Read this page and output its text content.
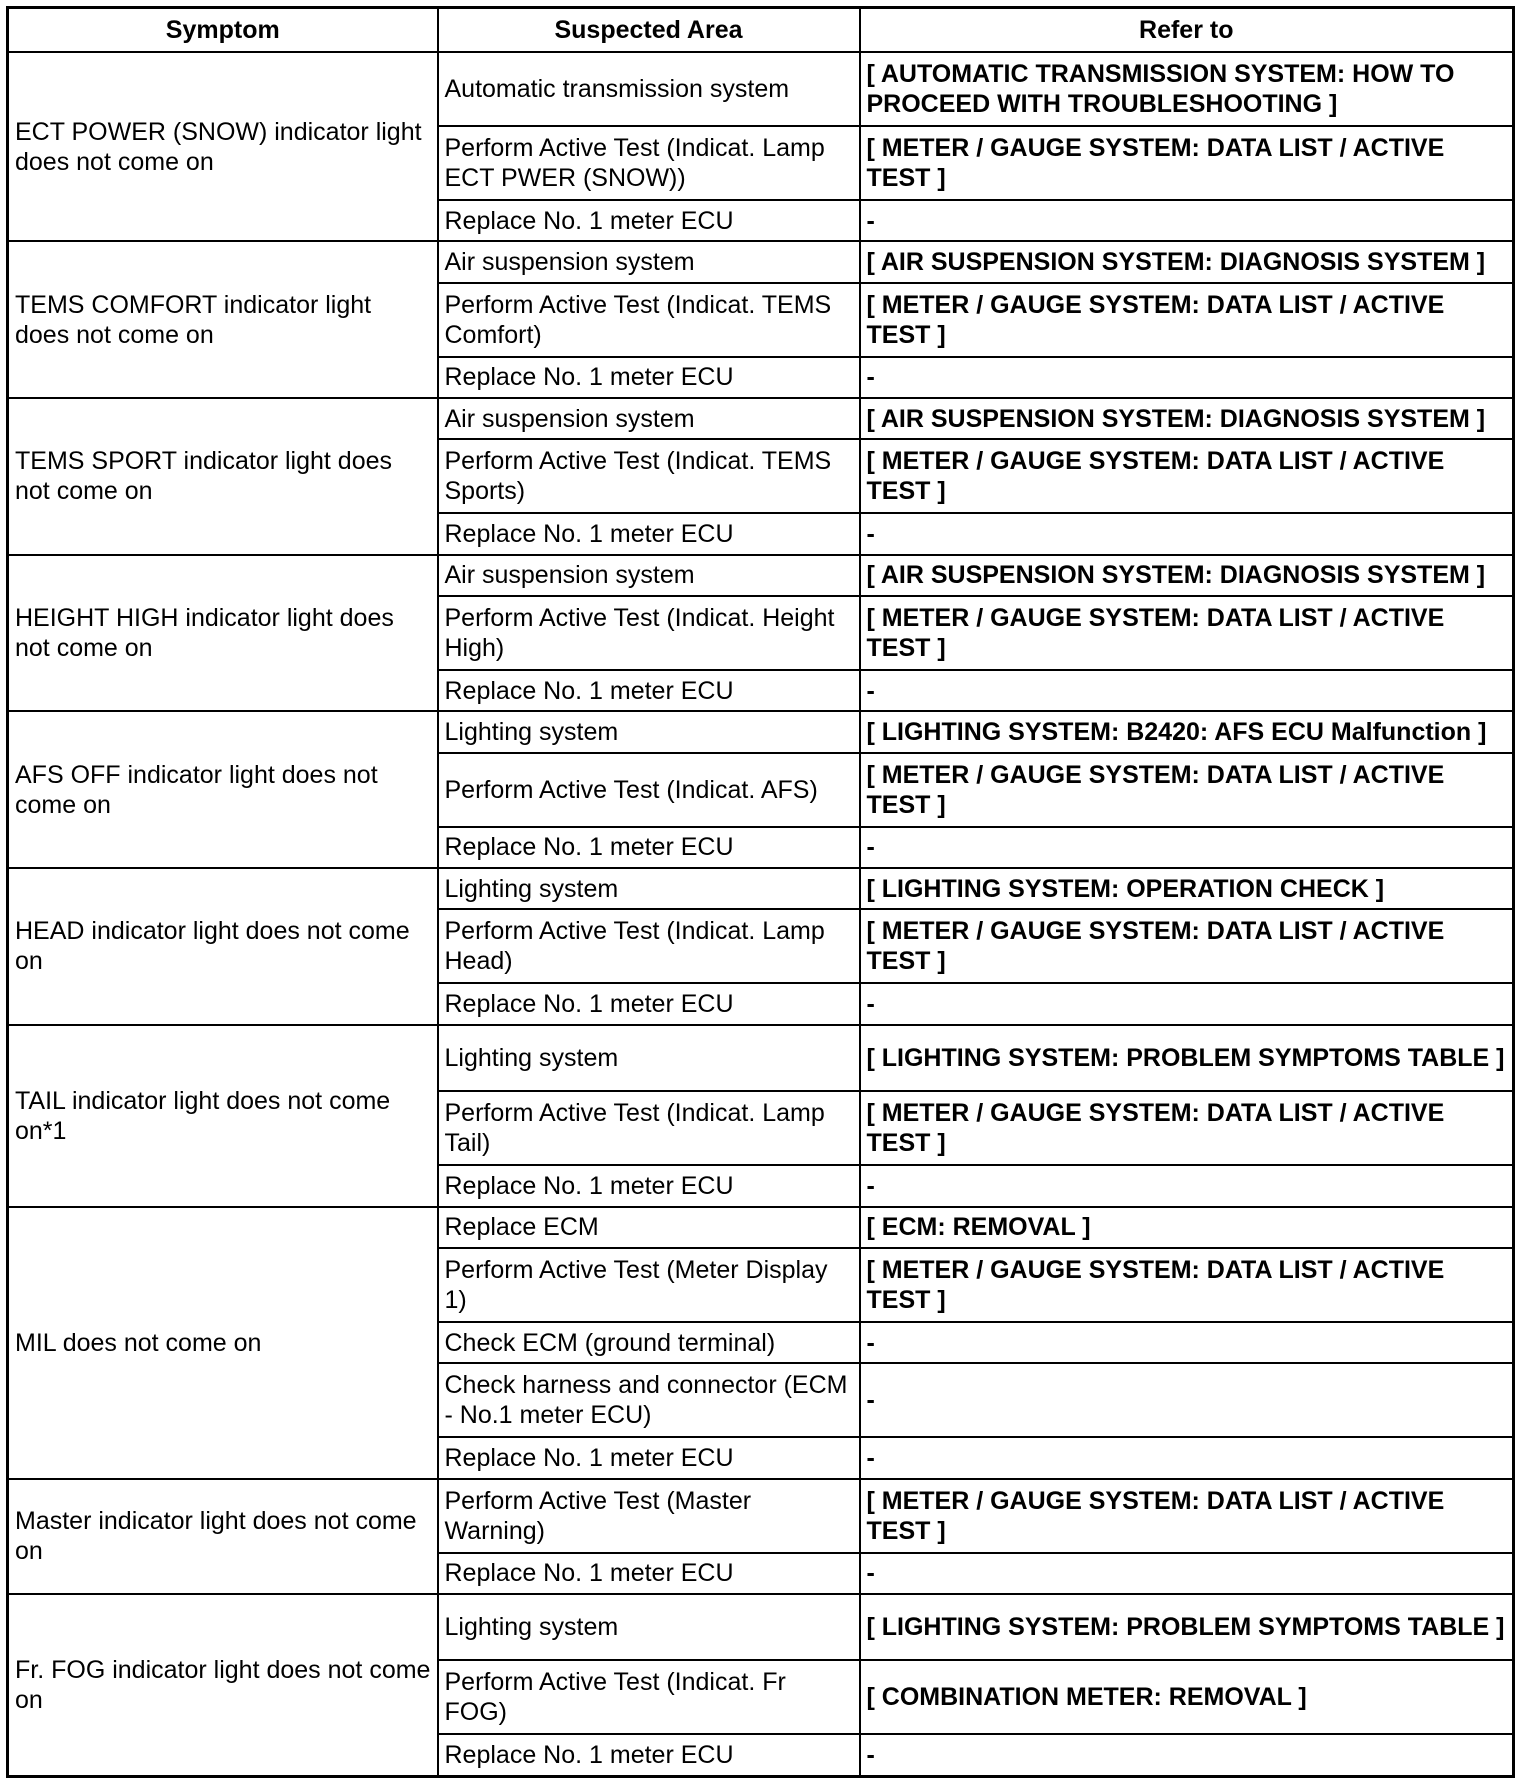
Symptom	Suspected Area	Refer to
ECT POWER (SNOW) indicator light does not come on	Automatic transmission system	[ AUTOMATIC TRANSMISSION SYSTEM: HOW TO PROCEED WITH TROUBLESHOOTING ]
	Perform Active Test (Indicat. Lamp ECT PWER (SNOW))	[ METER / GAUGE SYSTEM: DATA LIST / ACTIVE TEST ]
	Replace No. 1 meter ECU	-
TEMS COMFORT indicator light does not come on	Air suspension system	[ AIR SUSPENSION SYSTEM: DIAGNOSIS SYSTEM ]
	Perform Active Test (Indicat. TEMS Comfort)	[ METER / GAUGE SYSTEM: DATA LIST / ACTIVE TEST ]
	Replace No. 1 meter ECU	-
TEMS SPORT indicator light does not come on	Air suspension system	[ AIR SUSPENSION SYSTEM: DIAGNOSIS SYSTEM ]
	Perform Active Test (Indicat. TEMS Sports)	[ METER / GAUGE SYSTEM: DATA LIST / ACTIVE TEST ]
	Replace No. 1 meter ECU	-
HEIGHT HIGH indicator light does not come on	Air suspension system	[ AIR SUSPENSION SYSTEM: DIAGNOSIS SYSTEM ]
	Perform Active Test (Indicat. Height High)	[ METER / GAUGE SYSTEM: DATA LIST / ACTIVE TEST ]
	Replace No. 1 meter ECU	-
AFS OFF indicator light does not come on	Lighting system	[ LIGHTING SYSTEM: B2420: AFS ECU Malfunction ]
	Perform Active Test (Indicat. AFS)	[ METER / GAUGE SYSTEM: DATA LIST / ACTIVE TEST ]
	Replace No. 1 meter ECU	-
HEAD indicator light does not come on	Lighting system	[ LIGHTING SYSTEM: OPERATION CHECK ]
	Perform Active Test (Indicat. Lamp Head)	[ METER / GAUGE SYSTEM: DATA LIST / ACTIVE TEST ]
	Replace No. 1 meter ECU	-
TAIL indicator light does not come on*1	Lighting system	[ LIGHTING SYSTEM: PROBLEM SYMPTOMS TABLE ]
	Perform Active Test (Indicat. Lamp Tail)	[ METER / GAUGE SYSTEM: DATA LIST / ACTIVE TEST ]
	Replace No. 1 meter ECU	-
MIL does not come on	Replace ECM	[ ECM: REMOVAL ]
	Perform Active Test (Meter Display 1)	[ METER / GAUGE SYSTEM: DATA LIST / ACTIVE TEST ]
	Check ECM (ground terminal)	-
	Check harness and connector (ECM - No.1 meter ECU)	-
	Replace No. 1 meter ECU	-
Master indicator light does not come on	Perform Active Test (Master Warning)	[ METER / GAUGE SYSTEM: DATA LIST / ACTIVE TEST ]
	Replace No. 1 meter ECU	-
Fr. FOG indicator light does not come on	Lighting system	[ LIGHTING SYSTEM: PROBLEM SYMPTOMS TABLE ]
	Perform Active Test (Indicat. Fr FOG)	[ COMBINATION METER: REMOVAL ]
	Replace No. 1 meter ECU	-
